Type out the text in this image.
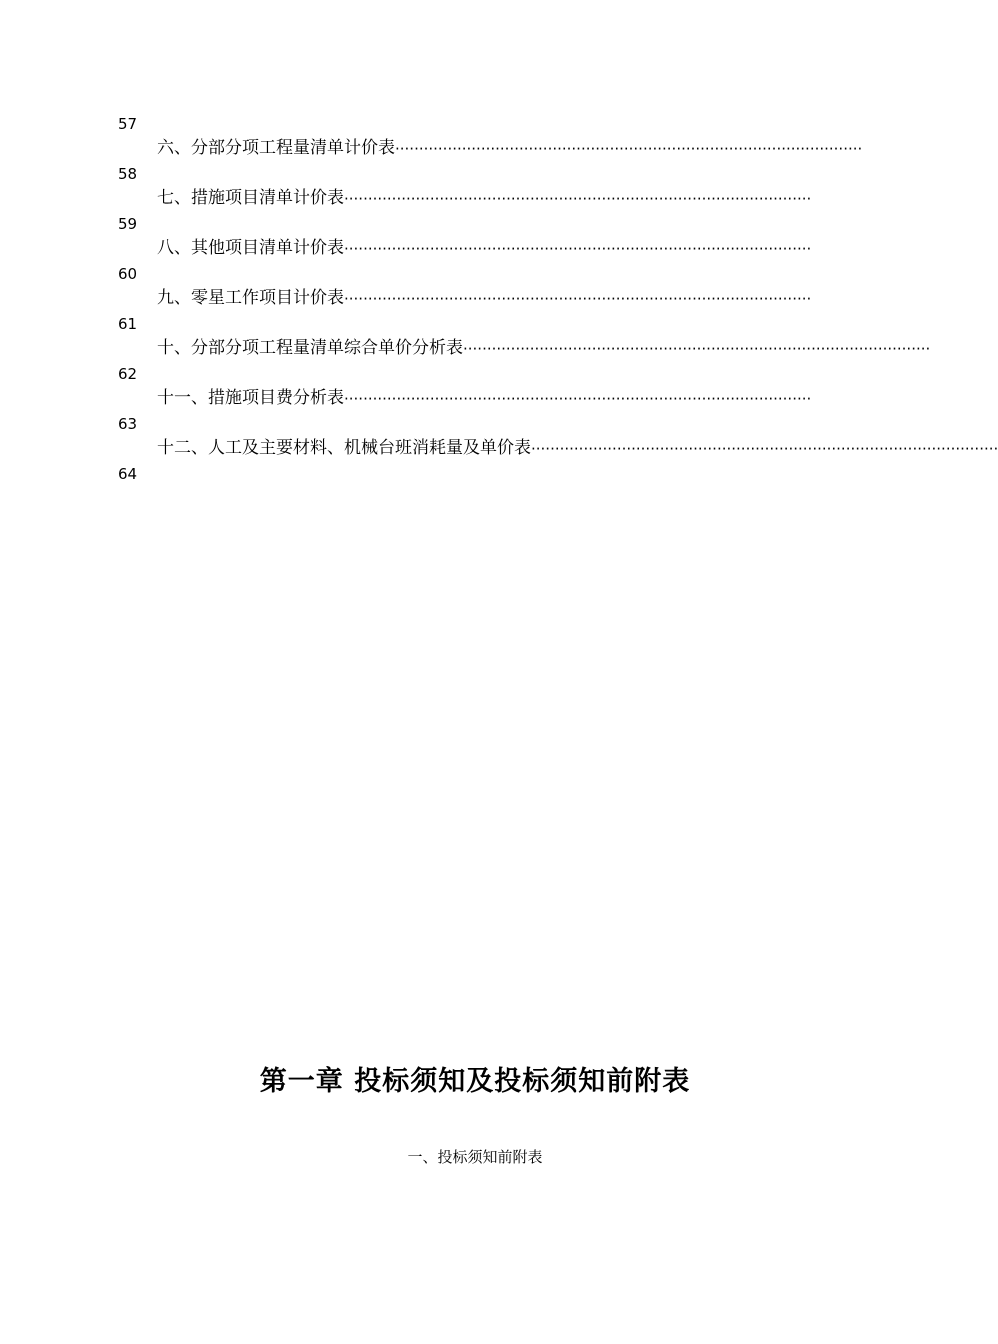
57
六、分部分项工程量清单计价表 ··································································································
58
七、措施项目清单计价表 ··································································································
59
八、其他项目清单计价表 ··································································································
60
九、零星工作项目计价表 ··································································································
61
十、分部分项工程量清单综合单价分析表 ··································································································
62
十一、措施项目费分析表 ··································································································
63
十二、人工及主要材料、机械台班消耗量及单价表 ··································································································
64
第一章 投标须知及投标须知前附表
一、投标须知前附表
